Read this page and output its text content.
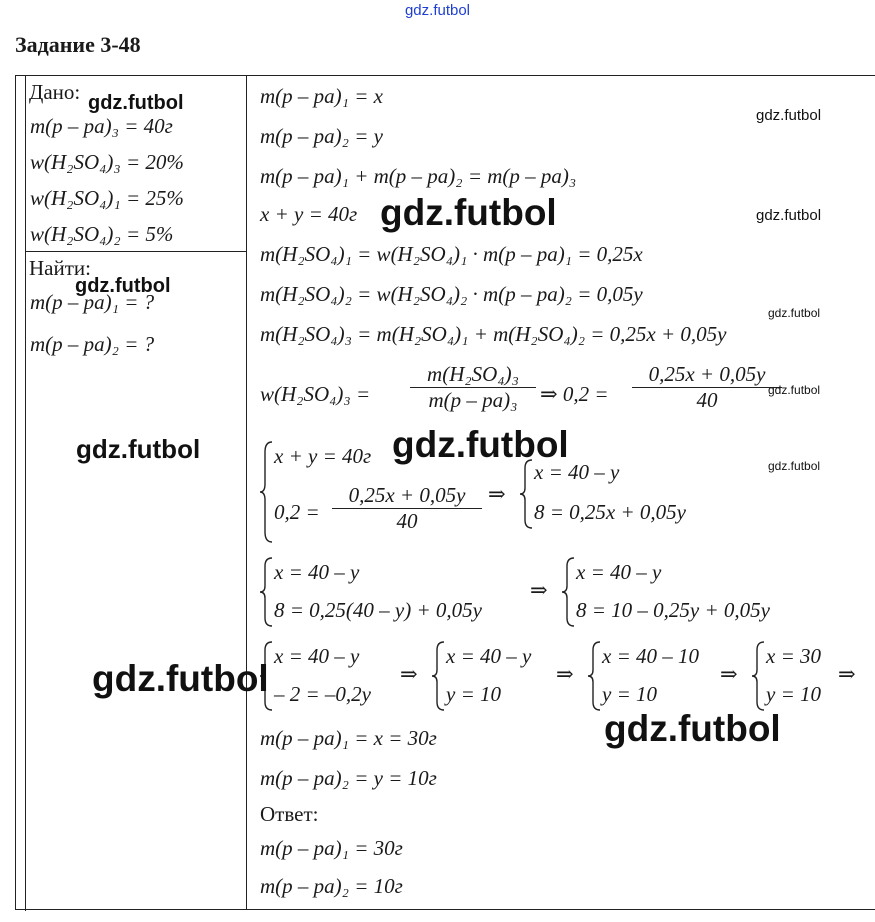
gdz.futbol
Задание 3-48
Дано:
m(p – pa)₃ = 40г
w(H₂SO₄)₃ = 20%
w(H₂SO₄)₁ = 25%
w(H₂SO₄)₂ = 5%
Найти:
m(p – pa)₁ = ?
m(p – pa)₂ = ?
m(p – pa)₁ = x
m(p – pa)₂ = y
m(p – pa)₁ + m(p – pa)₂ = m(p – pa)₃
x + y = 40г
m(H₂SO₄)₁ = w(H₂SO₄)₁ · m(p – pa)₁ = 0,25x
m(H₂SO₄)₂ = w(H₂SO₄)₂ · m(p – pa)₂ = 0,05y
m(H₂SO₄)₃ = m(H₂SO₄)₁ + m(H₂SO₄)₂ = 0,25x + 0,05y
$w(H_2SO_4)_3 = \frac{\text{m(H₂SO₄)₃}}{\text{m(p – pa)₃}}$ ⇒ $0,2 = \frac{0,25x + 0,05y}{40}$
x + y = 40г
$0,2 = \frac{0,25x + 0,05y}{40}$ ⇒
x = 40 – y
8 = 0,25x + 0,05y
x = 40 – y
8 = 0,25(40 – y) + 0,05y
⇒
x = 40 – y
8 = 10 – 0,25y + 0,05y
x = 40 – y
– 2 = –0,2y
⇒
x = 40 – y
y = 10
⇒
x = 40 – 10
y = 10
⇒
x = 30
y = 10
⇒
m(p – pa)₁ = x = 30г
m(p – pa)₂ = y = 10г
Ответ:
m(p – pa)₁ = 30г
m(p – pa)₂ = 10г
gdz.futbol
gdz.futbol
gdz.futbol
gdz.futbol
gdz.futbol
gdz.futbol
gdz.futbol
gdz.futbol
gdz.futbol
gdz.futbol
gdz.futbol
gdz.futbol
